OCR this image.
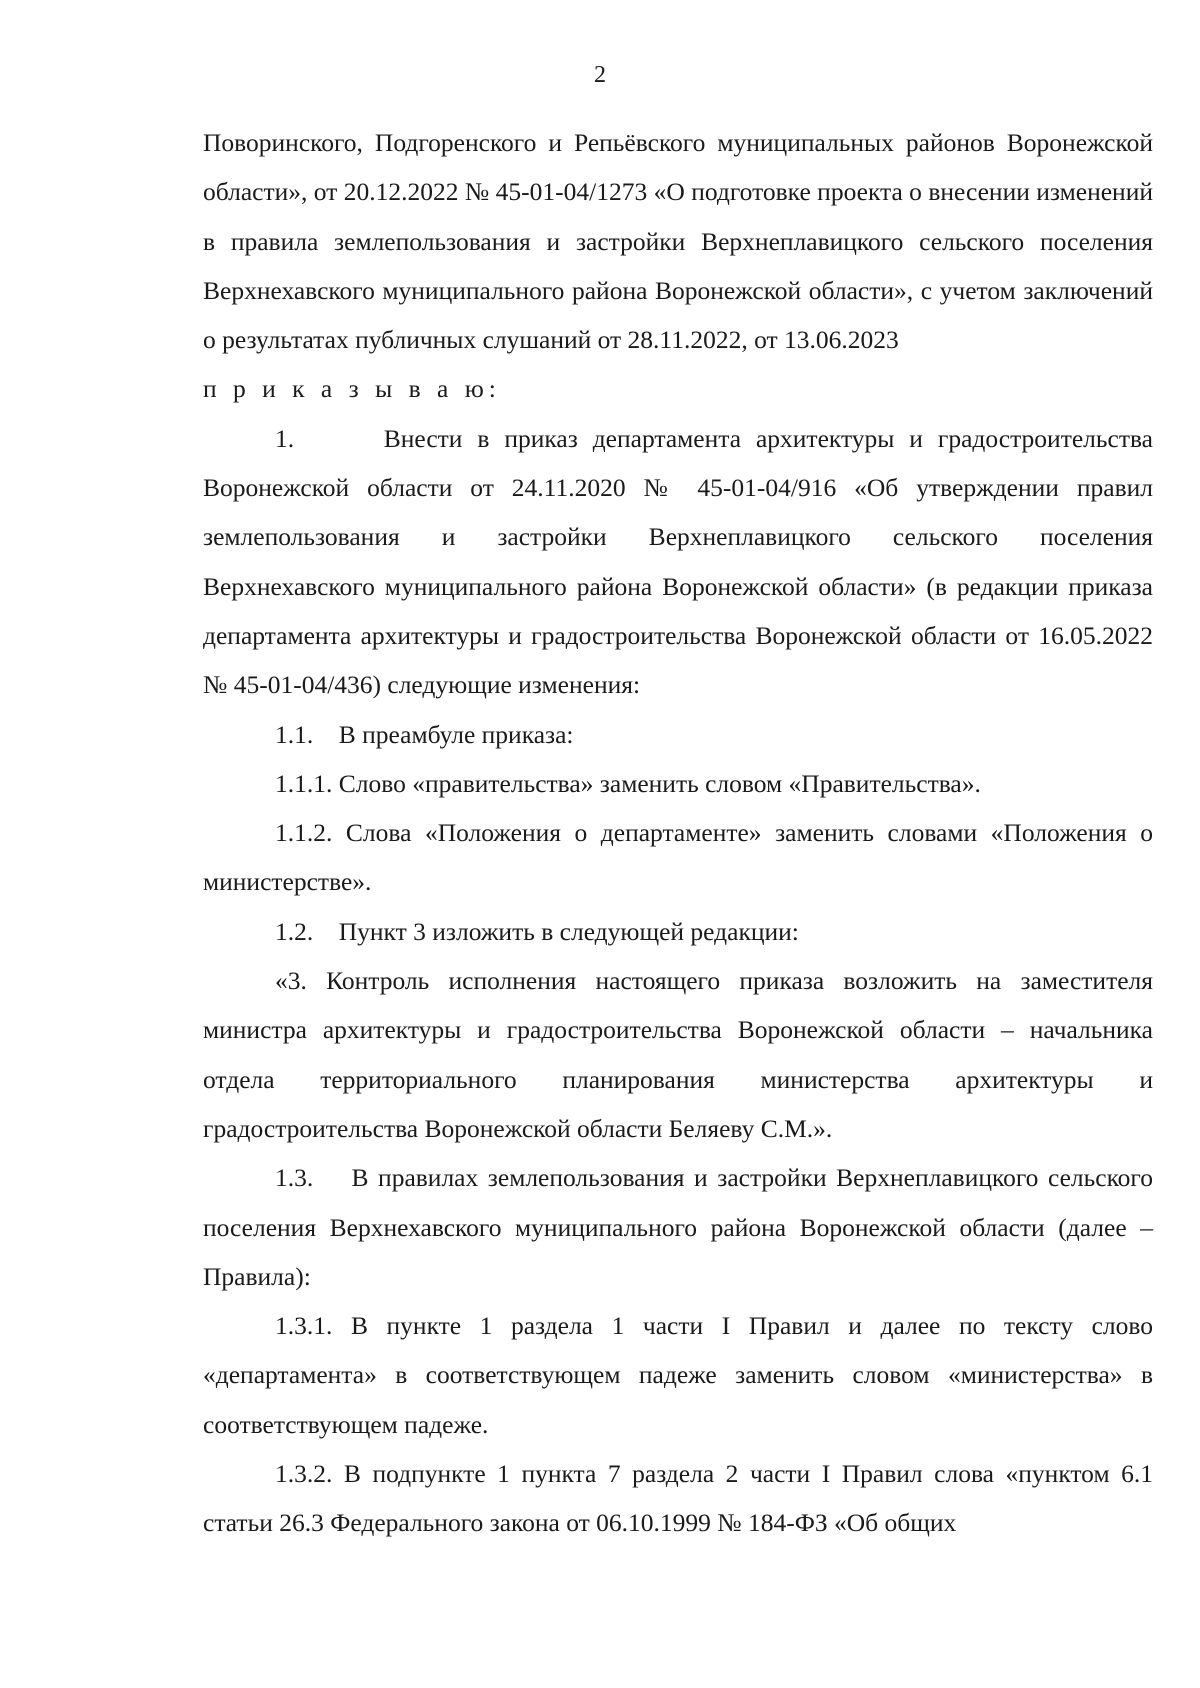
2

Поворинского, Подгоренского и Репьёвского муниципальных районов Воронежской области», от 20.12.2022 № 45-01-04/1273 «О подготовке проекта о внесении изменений в правила землепользования и застройки Верхнеплавицкого сельского поселения Верхнехавского муниципального района Воронежской области», с учетом заключений о результатах публичных слушаний от 28.11.2022, от 13.06.2023

п р и к а з ы в а ю:

1.      Внести в приказ департамента архитектуры и градостроительства Воронежской области от 24.11.2020 № 45-01-04/916 «Об утверждении правил землепользования и застройки Верхнеплавицкого сельского поселения Верхнехавского муниципального района Воронежской области» (в редакции приказа департамента архитектуры и градостроительства Воронежской области от 16.05.2022 № 45-01-04/436) следующие изменения:

1.1.    В преамбуле приказа:

1.1.1. Слово «правительства» заменить словом «Правительства».

1.1.2. Слова «Положения о департаменте» заменить словами «Положения о министерстве».

1.2.    Пункт 3 изложить в следующей редакции:

«3. Контроль исполнения настоящего приказа возложить на заместителя министра архитектуры и градостроительства Воронежской области – начальника отдела территориального планирования министерства архитектуры и градостроительства Воронежской области Беляеву С.М.».

1.3.    В правилах землепользования и застройки Верхнеплавицкого сельского поселения Верхнехавского муниципального района Воронежской области (далее – Правила):

1.3.1. В пункте 1 раздела 1 части I Правил и далее по тексту слово «департамента» в соответствующем падеже заменить словом «министерства» в соответствующем падеже.

1.3.2. В подпункте 1 пункта 7 раздела 2 части I Правил слова «пунктом 6.1 статьи 26.3 Федерального закона от 06.10.1999 № 184-ФЗ «Об общих
